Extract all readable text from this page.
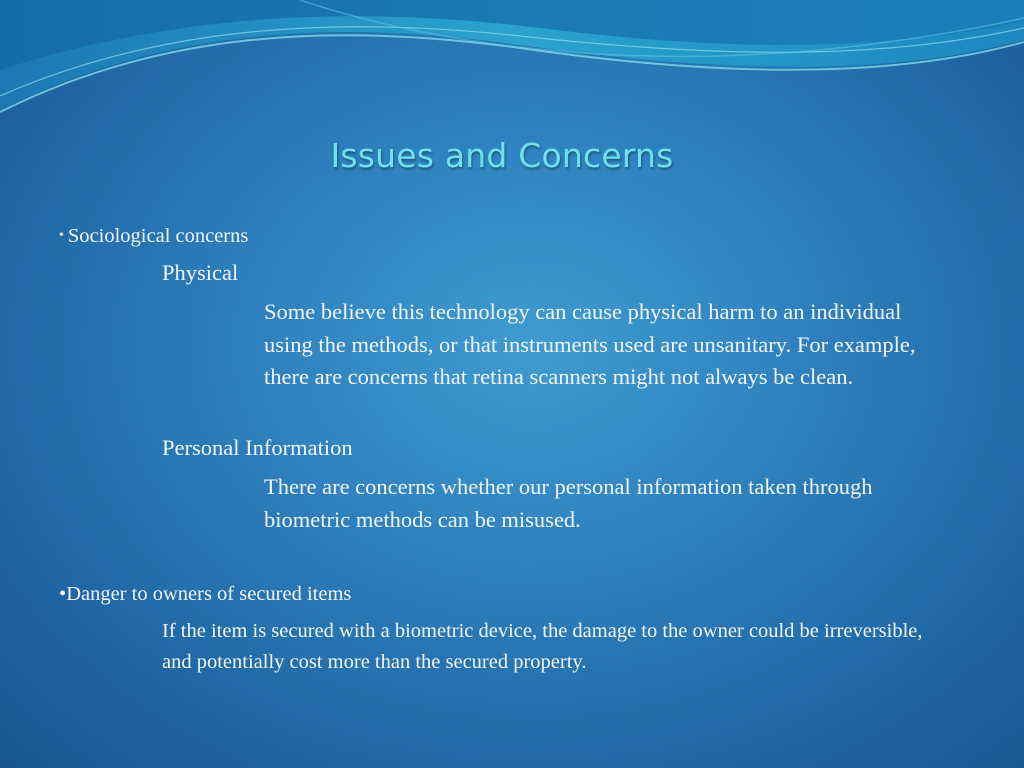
Issues and Concerns
• Sociological concerns
Physical
Some believe this technology can cause physical harm to an individual using the methods, or that instruments used are unsanitary. For example, there are concerns that retina scanners might not always be clean.
Personal Information
There are concerns whether our personal information taken through biometric methods can be misused.
•Danger to owners of secured items
If the item is secured with a biometric device, the damage to the owner could be irreversible, and potentially cost more than the secured property.
